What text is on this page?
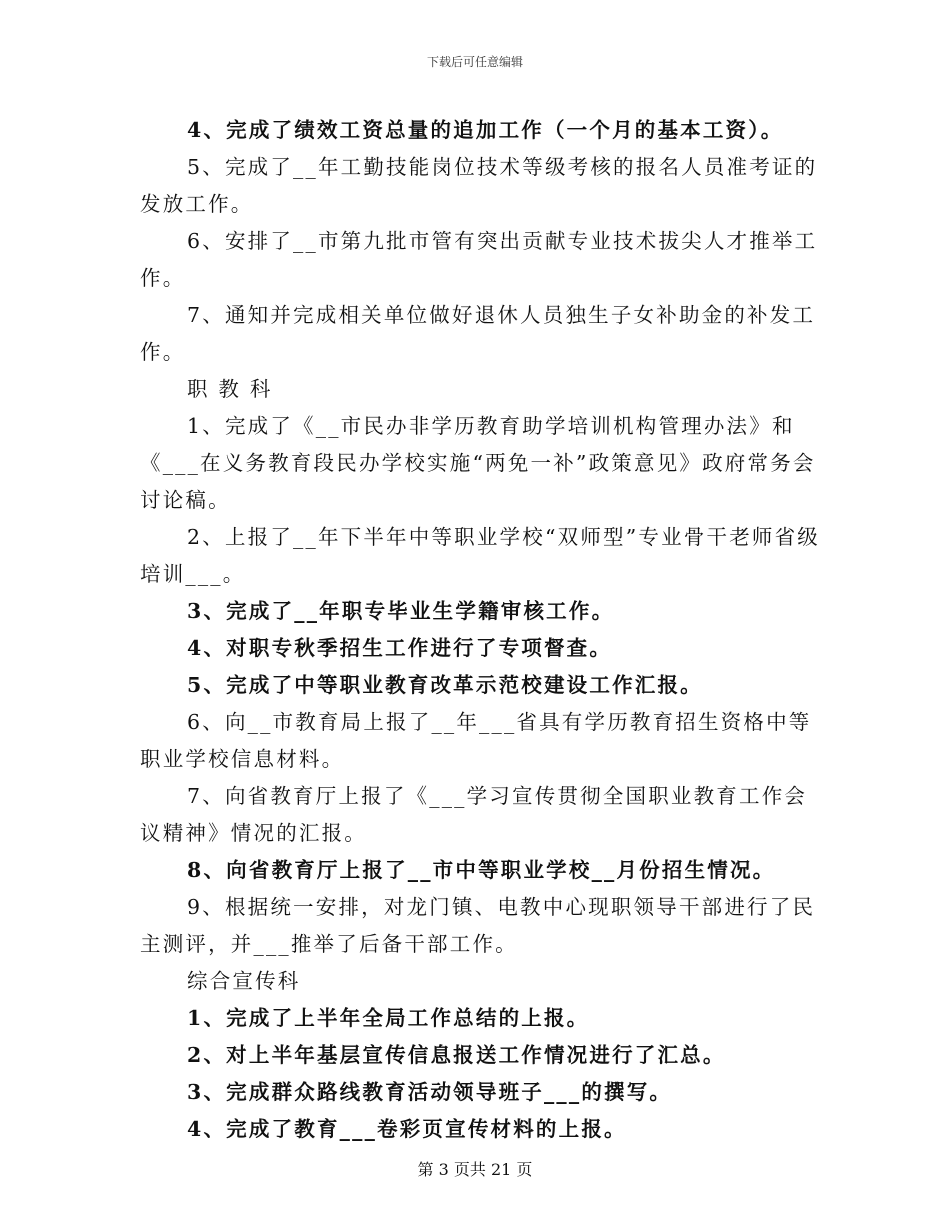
下载后可任意编辑

4、完成了绩效工资总量的追加工作（一个月的基本工资）。

5、完成了__年工勤技能岗位技术等级考核的报名人员准考证的发放工作。

6、安排了__市第九批市管有突出贡献专业技术拔尖人才推举工作。

7、通知并完成相关单位做好退休人员独生子女补助金的补发工作。

职 教 科

1、完成了《__市民办非学历教育助学培训机构管理办法》和《___在义务教育段民办学校实施“两免一补”政策意见》政府常务会讨论稿。

2、上报了__年下半年中等职业学校“双师型”专业骨干老师省级培训___。

3、完成了__年职专毕业生学籍审核工作。

4、对职专秋季招生工作进行了专项督查。

5、完成了中等职业教育改革示范校建设工作汇报。

6、向__市教育局上报了__年___省具有学历教育招生资格中等职业学校信息材料。

7、向省教育厅上报了《___学习宣传贯彻全国职业教育工作会议精神》情况的汇报。

8、向省教育厅上报了__市中等职业学校__月份招生情况。

9、根据统一安排，对龙门镇、电教中心现职领导干部进行了民主测评，并___推举了后备干部工作。

综合宣传科

1、完成了上半年全局工作总结的上报。

2、对上半年基层宣传信息报送工作情况进行了汇总。

3、完成群众路线教育活动领导班子___的撰写。

4、完成了教育___卷彩页宣传材料的上报。

第 3 页共 21 页
